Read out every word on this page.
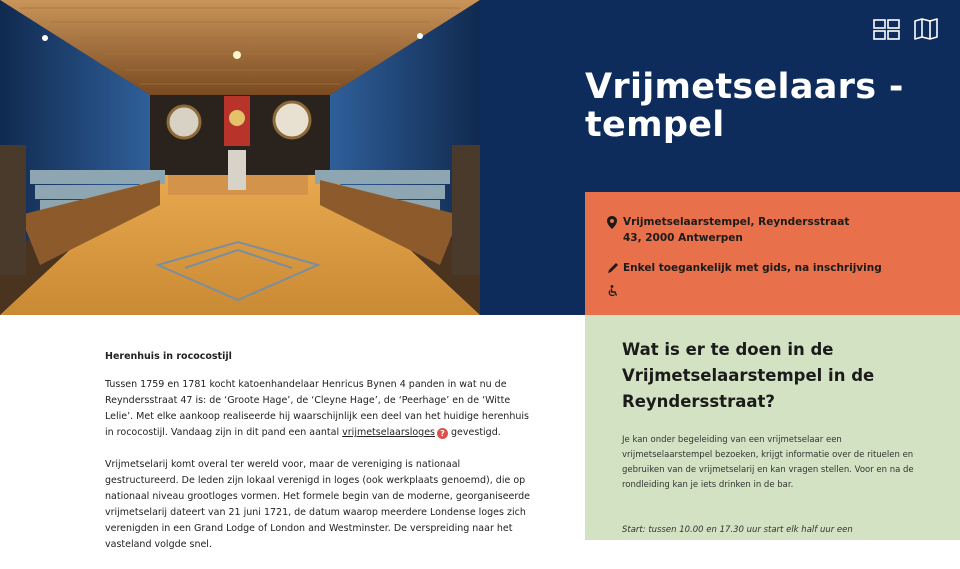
Vrijmetselaars - tempel
Vrijmetselaarstempel, Reyndersstraat 43, 2000 Antwerpen
Enkel toegankelijk met gids, na inschrijving
Herenhuis in rococostijl

Tussen 1759 en 1781 kocht katoenhandelaar Henricus Bynen 4 panden in wat nu de Reyndersstraat 47 is: de ‘Groote Hage’, de ‘Cleyne Hage’, de ‘Peerhage’ en de ‘Witte Lelie’. Met elke aankoop realiseerde hij waarschijnlijk een deel van het huidige herenhuis in rococostijl. Vandaag zijn in dit pand een aantal vrijmetselaarsloges ? gevestigd.

Vrijmetselarij komt overal ter wereld voor, maar de vereniging is nationaal gestructureerd. De leden zijn lokaal verenigd in loges (ook werkplaats genoemd), die op nationaal niveau grootloges vormen. Het formele begin van de moderne, georganiseerde vrijmetselarij dateert van 21 juni 1721, de datum waarop meerdere Londense loges zich verenigden in een Grand Lodge of London and Westminster. De verspreiding naar het vasteland volgde snel.

Wat is er te doen in de Vrijmetselaarstempel in de Reyndersstraat?

Je kan onder begeleiding van een vrijmetselaar een vrijmetselaarstempel bezoeken, krijgt informatie over de rituelen en gebruiken van de vrijmetselarij en kan vragen stellen. Voor en na de rondleiding kan je iets drinken in de bar.

Start: tussen 10.00 en 17.30 uur start elk half uur een
